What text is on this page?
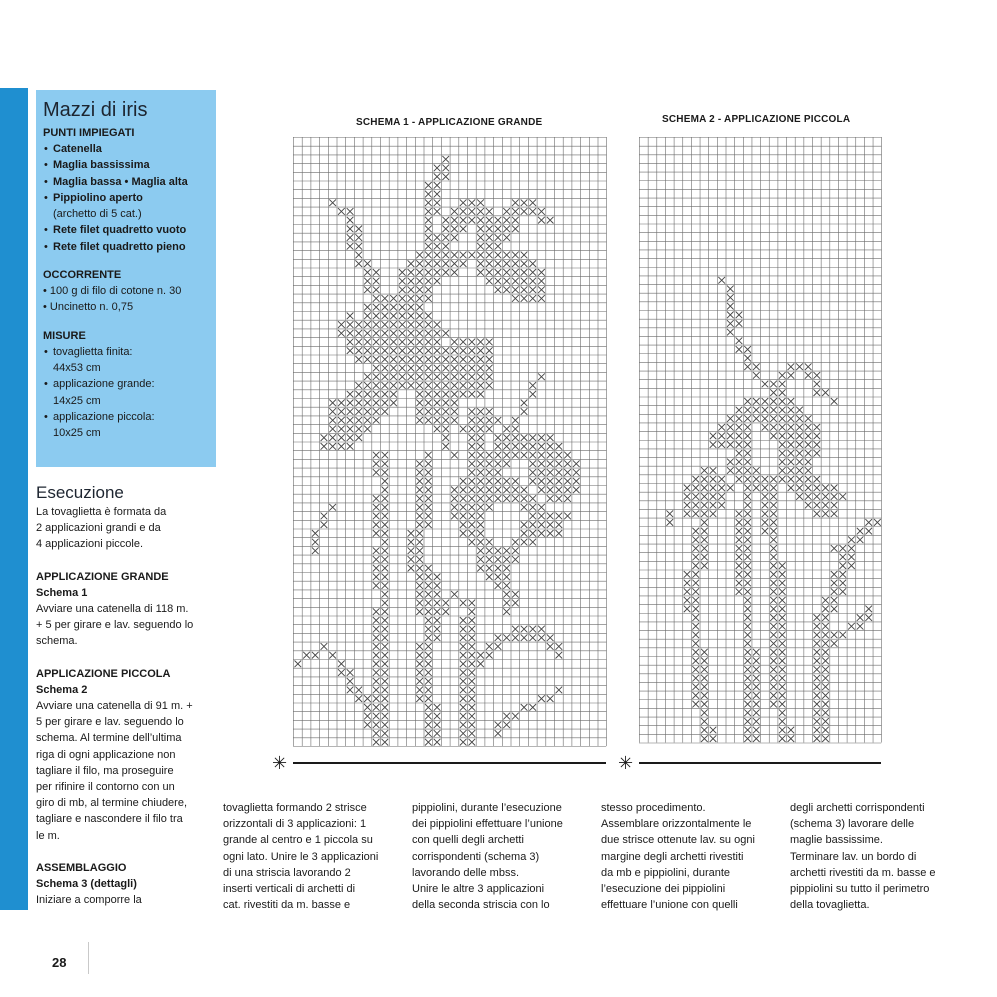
Mazzi di iris
PUNTI IMPIEGATI
• Catenella
• Maglia bassissima
• Maglia bassa • Maglia alta
• Pippiolino aperto
(archetto di 5 cat.)
• Rete filet quadretto vuoto
• Rete filet quadretto pieno
OCCORRENTE
• 100 g di filo di cotone n. 30
• Uncinetto n. 0,75
MISURE
• tovaglietta finita:
44x53 cm
• applicazione grande:
14x25 cm
• applicazione piccola:
10x25 cm
Esecuzione
La tovaglietta è formata da
2 applicazioni grandi e da
4 applicazioni piccole.
APPLICAZIONE GRANDE
Schema 1
Avviare una catenella di 118 m.
+ 5 per girare e lav. seguendo lo
schema.
APPLICAZIONE PICCOLA
Schema 2
Avviare una catenella di 91 m. +
5 per girare e lav. seguendo lo
schema. Al termine dell’ultima
riga di ogni applicazione non
tagliare il filo, ma proseguire
per rifinire il contorno con un
giro di mb, al termine chiudere,
tagliare e nascondere il filo tra
le m.
ASSEMBLAGGIO
Schema 3 (dettagli)
Iniziare a comporre la
tovaglietta formando 2 strisce
orizzontali di 3 applicazioni: 1
grande al centro e 1 piccola su
ogni lato. Unire le 3 applicazioni
di una striscia lavorando 2
inserti verticali di archetti di
cat. rivestiti da m. basse e
pippiolini, durante l’esecuzione
dei pippiolini effettuare l’unione
con quelli degli archetti
corrispondenti (schema 3)
lavorando delle mbss.
Unire le altre 3 applicazioni
della seconda striscia con lo
stesso procedimento.
Assemblare orizzontalmente le
due strisce ottenute lav. su ogni
margine degli archetti rivestiti
da mb e pippiolini, durante
l’esecuzione dei pippiolini
effettuare l’unione con quelli
degli archetti corrispondenti
(schema 3) lavorare delle
maglie bassissime.
Terminare lav. un bordo di
archetti rivestiti da m. basse e
pippiolini su tutto il perimetro
della tovaglietta.
SCHEMA 1 - APPLICAZIONE GRANDE	SCHEMA 2 - APPLICAZIONE PICCOLA
✳	✳
28
